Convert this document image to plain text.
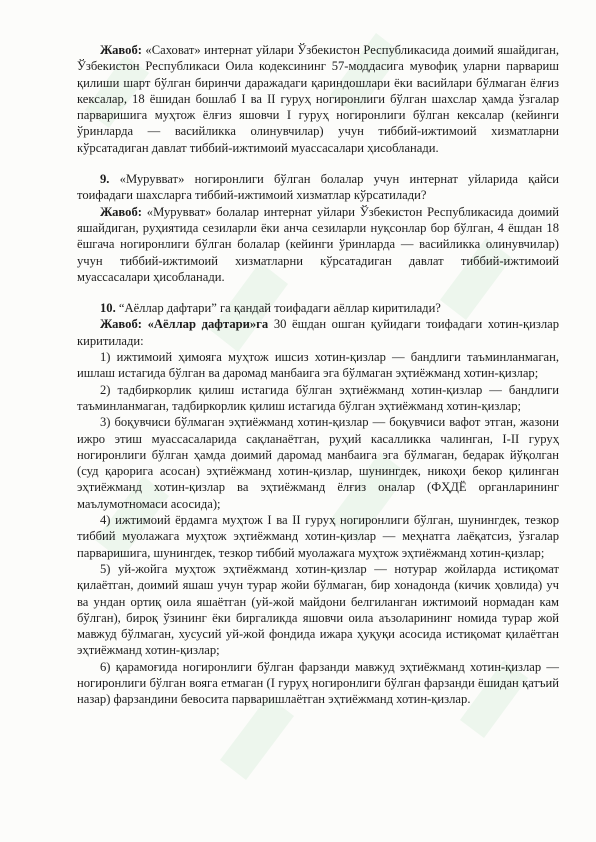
Жавоб: «Саховат» интернат уйлари Ўзбекистон Республикасида доимий яшайдиган, Ўзбекистон Республикаси Оила кодексининг 57-моддасига мувофиқ уларни парвариш қилиши шарт бўлган биринчи даражадаги қариндошлари ёки васийлари бўлмаган ёлғиз кексалар, 18 ёшидан бошлаб I ва II гуруҳ ногиронлиги бўлган шахслар ҳамда ўзгалар парваришига муҳтож ёлғиз яшовчи I гуруҳ ногиронлиги бўлган кексалар (кейинги ўринларда — васийликка олинувчилар) учун тиббий-ижтимоий хизматларни кўрсатадиган давлат тиббий-ижтимоий муассасалари ҳисобланади.

9. «Мурувват» ногиронлиги бўлган болалар учун интернат уйларида қайси тоифадаги шахсларга тиббий-ижтимоий хизматлар кўрсатилади?

Жавоб: «Мурувват» болалар интернат уйлари Ўзбекистон Республикасида доимий яшайдиган, руҳиятида сезиларли ёки анча сезиларли нуқсонлар бор бўлган, 4 ёшдан 18 ёшгача ногиронлиги бўлган болалар (кейинги ўринларда — васийликка олинувчилар) учун тиббий-ижтимоий хизматларни кўрсатадиган давлат тиббий-ижтимоий муассасалари ҳисобланади.

10. “Аёллар дафтари” га қандай тоифадаги аёллар киритилади?

Жавоб: «Аёллар дафтари»га 30 ёшдан ошган қуйидаги тоифадаги хотин-қизлар киритилади:

1) ижтимоий ҳимояга муҳтож ишсиз хотин-қизлар — бандлиги таъминланмаган, ишлаш истагида бўлган ва даромад манбаига эга бўлмаган эҳтиёжманд хотин-қизлар;

2) тадбиркорлик қилиш истагида бўлган эҳтиёжманд хотин-қизлар — бандлиги таъминланмаган, тадбиркорлик қилиш истагида бўлган эҳтиёжманд хотин-қизлар;

3) боқувчиси бўлмаган эҳтиёжманд хотин-қизлар — боқувчиси вафот этган, жазони ижро этиш муассасаларида сақланаётган, руҳий касалликка чалинган, I-II гуруҳ ногиронлиги бўлган ҳамда доимий даромад манбаига эга бўлмаган, бедарак йўқолган (суд қарорига асосан) эҳтиёжманд хотин-қизлар, шунингдек, никоҳи бекор қилинган эҳтиёжманд хотин-қизлар ва эҳтиёжманд ёлғиз оналар (ФҲДЁ органларининг маълумотномаси асосида);

4) ижтимоий ёрдамга муҳтож I ва II гуруҳ ногиронлиги бўлган, шунингдек, тезкор тиббий муолажага муҳтож эҳтиёжманд хотин-қизлар — меҳнатга лаёқатсиз, ўзгалар парваришига, шунингдек, тезкор тиббий муолажага муҳтож эҳтиёжманд хотин-қизлар;

5) уй-жойга муҳтож эҳтиёжманд хотин-қизлар — нотурар жойларда истиқомат қилаётган, доимий яшаш учун турар жойи бўлмаган, бир хонадонда (кичик ҳовлида) уч ва ундан ортиқ оила яшаётган (уй-жой майдони белгиланган ижтимоий нормадан кам бўлган), бироқ ўзининг ёки биргаликда яшовчи оила аъзоларининг номида турар жой мавжуд бўлмаган, хусусий уй-жой фондида ижара ҳуқуқи асосида истиқомат қилаётган эҳтиёжманд хотин-қизлар;

6) қарамоғида ногиронлиги бўлган фарзанди мавжуд эҳтиёжманд хотин-қизлар — ногиронлиги бўлган вояга етмаган (I гуруҳ ногиронлиги бўлган фарзанди ёшидан қатъий назар) фарзандини бевосита парваришлаётган эҳтиёжманд хотин-қизлар.
